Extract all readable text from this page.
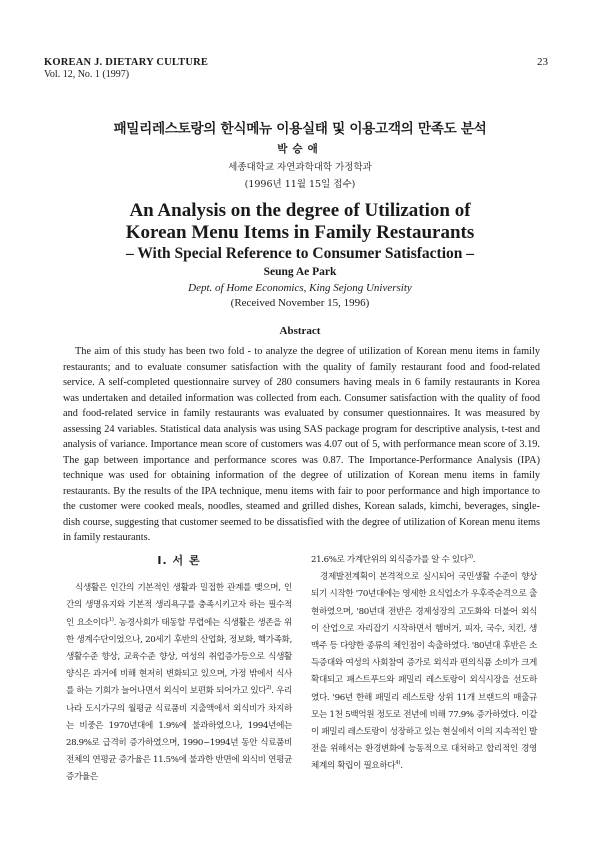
KOREAN J. DIETARY CULTURE
Vol. 12, No. 1 (1997)
23
패밀리레스토랑의 한식메뉴 이용실태 및 이용고객의 만족도 분석
박승애
세종대학교 자연과학대학 가정학과
(1996년 11월 15일 접수)
An Analysis on the degree of Utilization of
Korean Menu Items in Family Restaurants
– With Special Reference to Consumer Satisfaction –
Seung Ae Park
Dept. of Home Economics, King Sejong University
(Received November 15, 1996)
Abstract

The aim of this study has been two fold - to analyze the degree of utilization of Korean menu items in family restaurants; and to evaluate consumer satisfaction with the quality of family restaurant food and food-related service. A self-completed questionnaire survey of 280 consumers having meals in 6 family restaurants in Korea was undertaken and detailed information was collected from each. Consumer satisfaction with the quality of food and food-related service in family restaurants was evaluated by consumer questionnaires. It was measured by assessing 24 variables. Statistical data analysis was using SAS package program for descriptive analysis, t-test and analysis of variance. Importance mean score of customers was 4.07 out of 5, with performance mean score of 3.19. The gap between importance and performance scores was 0.87. The Importance-Performance Analysis (IPA) technique was used for obtaining information of the degree of utilization of Korean menu items in family restaurants. By the results of the IPA technique, menu items with fair to poor performance and high importance to the customer were cooked meals, noodles, steamed and grilled dishes, Korean salads, kimchi, beverages, single-dish course, suggesting that customer seemed to be dissatisfied with the degree of utilization of Korean menu items in family restaurants.

I. 서 론

식생활은 인간의 기본적인 생활과 밀접한 관계를 맺으며, 인간의 생명유지와 기본적 생리욕구를 충족시키고자 하는 필수적인 요소이다$^{1)}$. 농경사회가 태동할 무렵에는 식생활은 생존을 위한 생계수단이었으나, 20세기 후반의 산업화, 정보화, 핵가족화, 생활수준 향상, 교육수준 향상, 여성의 취업증가등으로 식생활 양식은 과거에 비해 현저히 변화되고 있으며, 가정 밖에서 식사를 하는 기회가 늘어나면서 외식이 보편화 되어가고 있다$^{2)}$. 우리나라 도시가구의 월평균 식료품비 지출액에서 외식비가 차지하는 비중은 1970년대에 1.9%에 불과하였으나, 1994년에는 28.9%로 급격히 증가하였으며, 1990~1994년 동안 식료품비 전체의 연평균 증가율은 11.5%에 불과한 반면에 외식비 연평균 증가율은

21.6%로 가계단위의 외식증가를 알 수 있다$^{3)}$.

경제발전계획이 본격적으로 실시되어 국민생활 수준이 향상되기 시작한 '70년대에는 영세한 요식업소가 우후죽순격으로 출현하였으며, '80년대 전반은 경제성장의 고도화와 더불어 외식이 산업으로 자리잡기 시작하면서 햄버거, 피자, 국수, 치킨, 생맥주 등 다양한 종류의 체인점이 속출하였다. '80년대 후반은 소득증대와 여성의 사회참여 증가로 외식과 편의식품 소비가 크게 확대되고 패스트푸드와 패밀리 레스토랑이 외식시장을 선도하였다. '96년 한해 패밀리 레스토랑 상위 11개 브랜드의 매출규모는 1천 5백억원 정도로 전년에 비해 77.9% 증가하였다. 이같이 패밀리 레스토랑이 성장하고 있는 현실에서 이의 지속적인 발전을 위해서는 환경변화에 능동적으로 대처하고 합리적인 경영체계의 확립이 필요하다$^{4)}$.
